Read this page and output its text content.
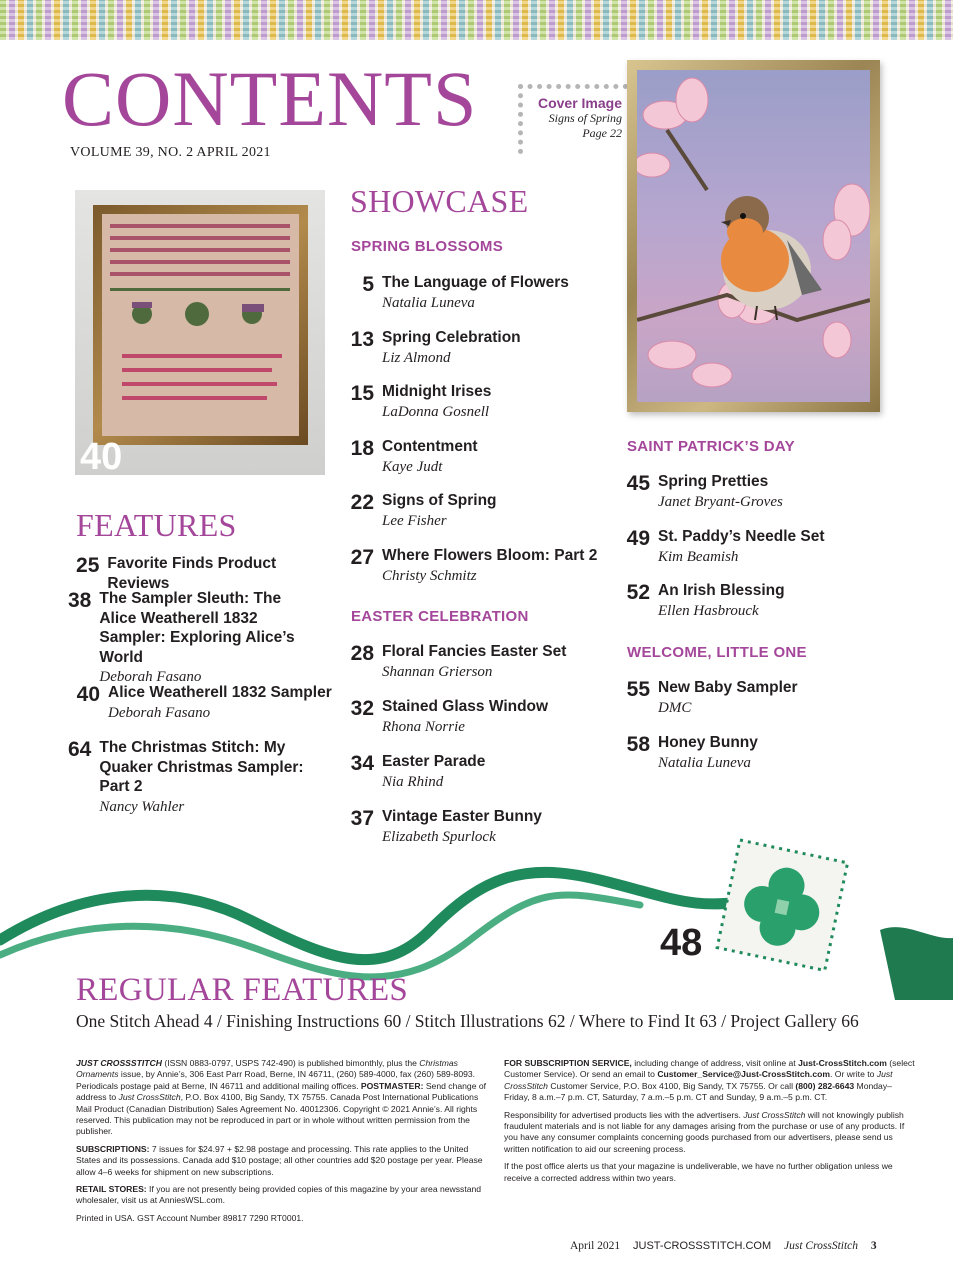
CONTENTS
VOLUME 39, NO. 2 APRIL 2021
Cover Image
Signs of Spring
Page 22
40
FEATURES
25 Favorite Finds Product Reviews
38 The Sampler Sleuth: The Alice Weatherell 1832 Sampler: Exploring Alice’s World
Deborah Fasano
40 Alice Weatherell 1832 Sampler
Deborah Fasano
64 The Christmas Stitch: My Quaker Christmas Sampler: Part 2
Nancy Wahler
SHOWCASE
SPRING BLOSSOMS
5 The Language of Flowers
Natalia Luneva
13 Spring Celebration
Liz Almond
15 Midnight Irises
LaDonna Gosnell
18 Contentment
Kaye Judt
22 Signs of Spring
Lee Fisher
27 Where Flowers Bloom: Part 2
Christy Schmitz
EASTER CELEBRATION
28 Floral Fancies Easter Set
Shannan Grierson
32 Stained Glass Window
Rhona Norrie
34 Easter Parade
Nia Rhind
37 Vintage Easter Bunny
Elizabeth Spurlock
SAINT PATRICK’S DAY
45 Spring Pretties
Janet Bryant-Groves
49 St. Paddy’s Needle Set
Kim Beamish
52 An Irish Blessing
Ellen Hasbrouck
WELCOME, LITTLE ONE
55 New Baby Sampler
DMC
58 Honey Bunny
Natalia Luneva
48
REGULAR FEATURES
One Stitch Ahead 4 / Finishing Instructions 60 / Stitch Illustrations 62 / Where to Find It 63 / Project Gallery 66

JUST CROSSSTITCH (ISSN 0883-0797, USPS 742-490) is published bimonthly, plus the Christmas Ornaments issue, by Annie’s, 306 East Parr Road, Berne, IN 46711, (260) 589-4000, fax (260) 589-8093. Periodicals postage paid at Berne, IN 46711 and additional mailing offices. POSTMASTER: Send change of address to Just CrossStitch, P.O. Box 4100, Big Sandy, TX 75755. Canada Post International Publications Mail Product (Canadian Distribution) Sales Agreement No. 40012306. Copyright © 2021 Annie’s. All rights reserved. This publication may not be reproduced in part or in whole without written permission from the publisher.

SUBSCRIPTIONS: 7 issues for $24.97 + $2.98 postage and processing. This rate applies to the United States and its possessions. Canada add $10 postage; all other countries add $20 postage per year. Please allow 4–6 weeks for shipment on new subscriptions.

RETAIL STORES: If you are not presently being provided copies of this magazine by your area newsstand wholesaler, visit us at AnniesWSL.com.

Printed in USA. GST Account Number 89817 7290 RT0001.

FOR SUBSCRIPTION SERVICE, including change of address, visit online at Just-CrossStitch.com (select Customer Service). Or send an email to Customer_Service@Just-CrossStitch.com. Or write to Just CrossStitch Customer Service, P.O. Box 4100, Big Sandy, TX 75755. Or call (800) 282-6643 Monday–Friday, 8 a.m.–7 p.m. CT, Saturday, 7 a.m.–5 p.m. CT and Sunday, 9 a.m.–5 p.m. CT.

Responsibility for advertised products lies with the advertisers. Just CrossStitch will not knowingly publish fraudulent materials and is not liable for any damages arising from the purchase or use of any products. If you have any consumer complaints concerning goods purchased from our advertisers, please send us written notification to aid our screening process.

If the post office alerts us that your magazine is undeliverable, we have no further obligation unless we receive a corrected address within two years.

April 2021 JUST-CROSSSTITCH.COM Just CrossStitch 3
